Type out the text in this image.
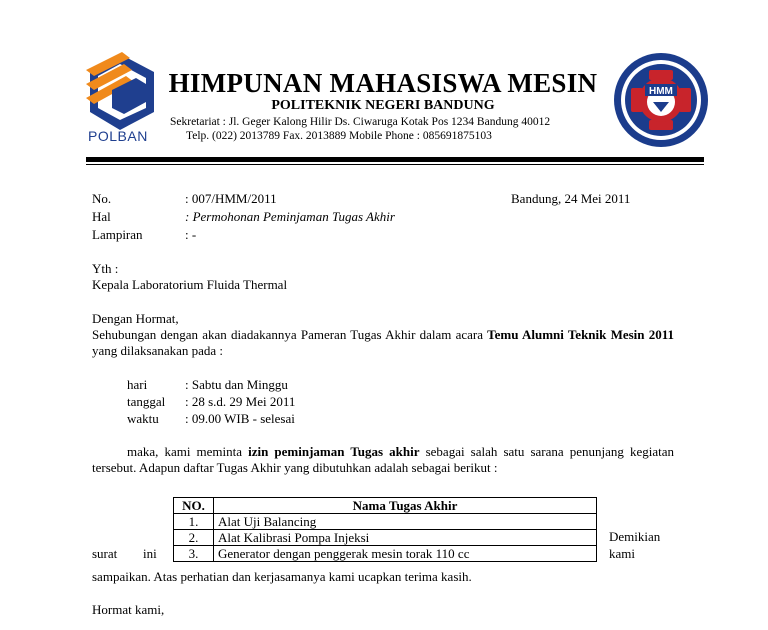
POLBAN
HMM
HIMPUNAN MAHASISWA MESIN
POLITEKNIK NEGERI BANDUNG
Sekretariat : Jl. Geger Kalong Hilir Ds. Ciwaruga Kotak Pos 1234 Bandung 40012
Telp. (022) 2013789 Fax. 2013889 Mobile Phone : 085691875103
No.	: 007/HMM/2011	Bandung, 24 Mei 2011
Hal	: Permohonan Peminjaman Tugas Akhir
Lampiran	: -
Yth :
Kepala Laboratorium Fluida Thermal
Dengan Hormat,
Sehubungan dengan akan diadakannya Pameran Tugas Akhir dalam acara Temu Alumni Teknik Mesin 2011 yang dilaksanakan pada :
hari	: Sabtu dan Minggu
tanggal : 28 s.d. 29 Mei 2011
waktu : 09.00 WIB - selesai
maka, kami meminta izin peminjaman Tugas akhir sebagai salah satu sarana penunjang kegiatan tersebut. Adapun daftar Tugas Akhir yang dibutuhkan adalah sebagai berikut :
NO.	Nama Tugas Akhir
1.	Alat Uji Balancing
2.	Alat Kalibrasi Pompa Injeksi
3.	Generator dengan penggerak mesin torak 110 cc
Demikian
kami
surat ini
sampaikan. Atas perhatian dan kerjasamanya kami ucapkan terima kasih.
Hormat kami,
